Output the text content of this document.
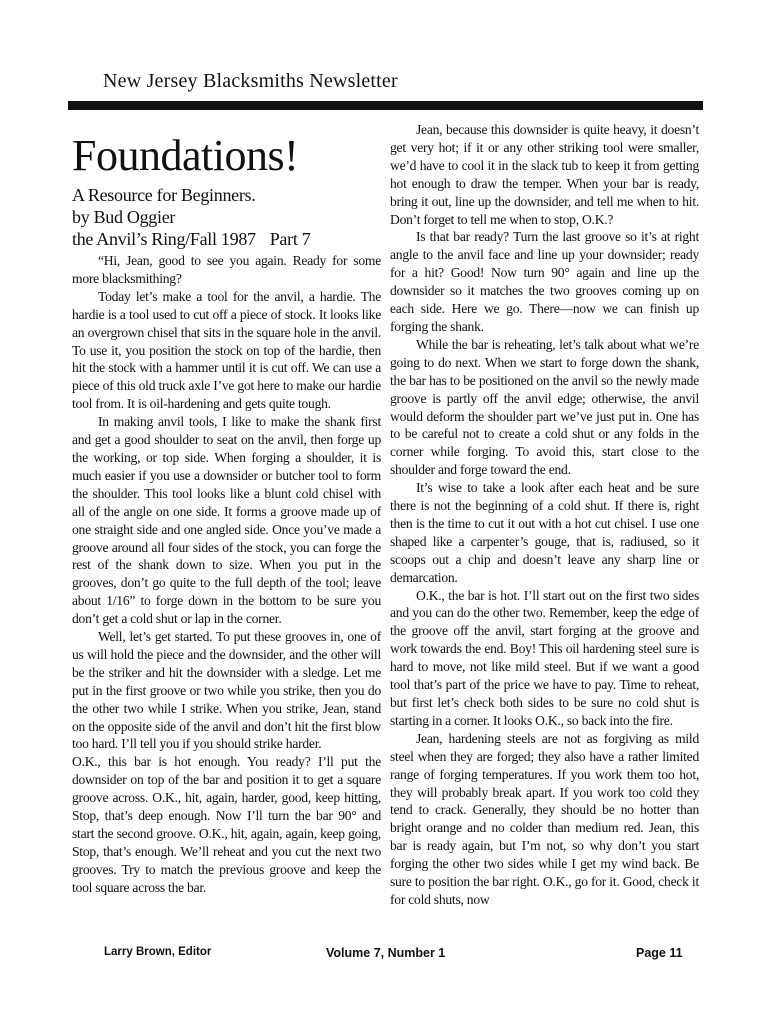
New Jersey Blacksmiths Newsletter
Foundations!
A Resource for Beginners.
by Bud Oggier
the Anvil’s Ring/Fall 1987 Part 7

“Hi, Jean, good to see you again. Ready for some more blacksmithing?

Today let’s make a tool for the anvil, a hardie. The hardie is a tool used to cut off a piece of stock. It looks like an overgrown chisel that sits in the square hole in the anvil. To use it, you position the stock on top of the hardie, then hit the stock with a hammer until it is cut off. We can use a piece of this old truck axle I’ve got here to make our hardie tool from. It is oil-hardening and gets quite tough.

In making anvil tools, I like to make the shank first and get a good shoulder to seat on the anvil, then forge up the working, or top side. When forging a shoulder, it is much easier if you use a downsider or butcher tool to form the shoulder. This tool looks like a blunt cold chisel with all of the angle on one side. It forms a groove made up of one straight side and one angled side. Once you’ve made a groove around all four sides of the stock, you can forge the rest of the shank down to size. When you put in the grooves, don’t go quite to the full depth of the tool; leave about 1/16” to forge down in the bottom to be sure you don’t get a cold shut or lap in the corner.

Well, let’s get started. To put these grooves in, one of us will hold the piece and the downsider, and the other will be the striker and hit the downsider with a sledge. Let me put in the first groove or two while you strike, then you do the other two while I strike. When you strike, Jean, stand on the opposite side of the anvil and don’t hit the first blow too hard. I’ll tell you if you should strike harder.

O.K., this bar is hot enough. You ready? I’ll put the downsider on top of the bar and position it to get a square groove across. O.K., hit, again, harder, good, keep hitting, Stop, that’s deep enough. Now I’ll turn the bar 90° and start the second groove. O.K., hit, again, again, keep going, Stop, that’s enough. We’ll reheat and you cut the next two grooves. Try to match the previous groove and keep the tool square across the bar.

Jean, because this downsider is quite heavy, it doesn’t get very hot; if it or any other striking tool were smaller, we’d have to cool it in the slack tub to keep it from getting hot enough to draw the temper. When your bar is ready, bring it out, line up the downsider, and tell me when to hit. Don’t forget to tell me when to stop, O.K.?

Is that bar ready? Turn the last groove so it’s at right angle to the anvil face and line up your downsider; ready for a hit? Good! Now turn 90° again and line up the downsider so it matches the two grooves coming up on each side. Here we go. There—now we can finish up forging the shank.

While the bar is reheating, let’s talk about what we’re going to do next. When we start to forge down the shank, the bar has to be positioned on the anvil so the newly made groove is partly off the anvil edge; otherwise, the anvil would deform the shoulder part we’ve just put in. One has to be careful not to create a cold shut or any folds in the corner while forging. To avoid this, start close to the shoulder and forge toward the end.

It’s wise to take a look after each heat and be sure there is not the beginning of a cold shut. If there is, right then is the time to cut it out with a hot cut chisel. I use one shaped like a carpenter’s gouge, that is, radiused, so it scoops out a chip and doesn’t leave any sharp line or demarcation.

O.K., the bar is hot. I’ll start out on the first two sides and you can do the other two. Remember, keep the edge of the groove off the anvil, start forging at the groove and work towards the end. Boy! This oil hardening steel sure is hard to move, not like mild steel. But if we want a good tool that’s part of the price we have to pay. Time to reheat, but first let’s check both sides to be sure no cold shut is starting in a corner. It looks O.K., so back into the fire.

Jean, hardening steels are not as forgiving as mild steel when they are forged; they also have a rather limited range of forging temperatures. If you work them too hot, they will probably break apart. If you work too cold they tend to crack. Generally, they should be no hotter than bright orange and no colder than medium red. Jean, this bar is ready again, but I’m not, so why don’t you start forging the other two sides while I get my wind back. Be sure to position the bar right. O.K., go for it. Good, check it for cold shuts, now

Larry Brown, Editor	Volume 7, Number 1	Page 11
